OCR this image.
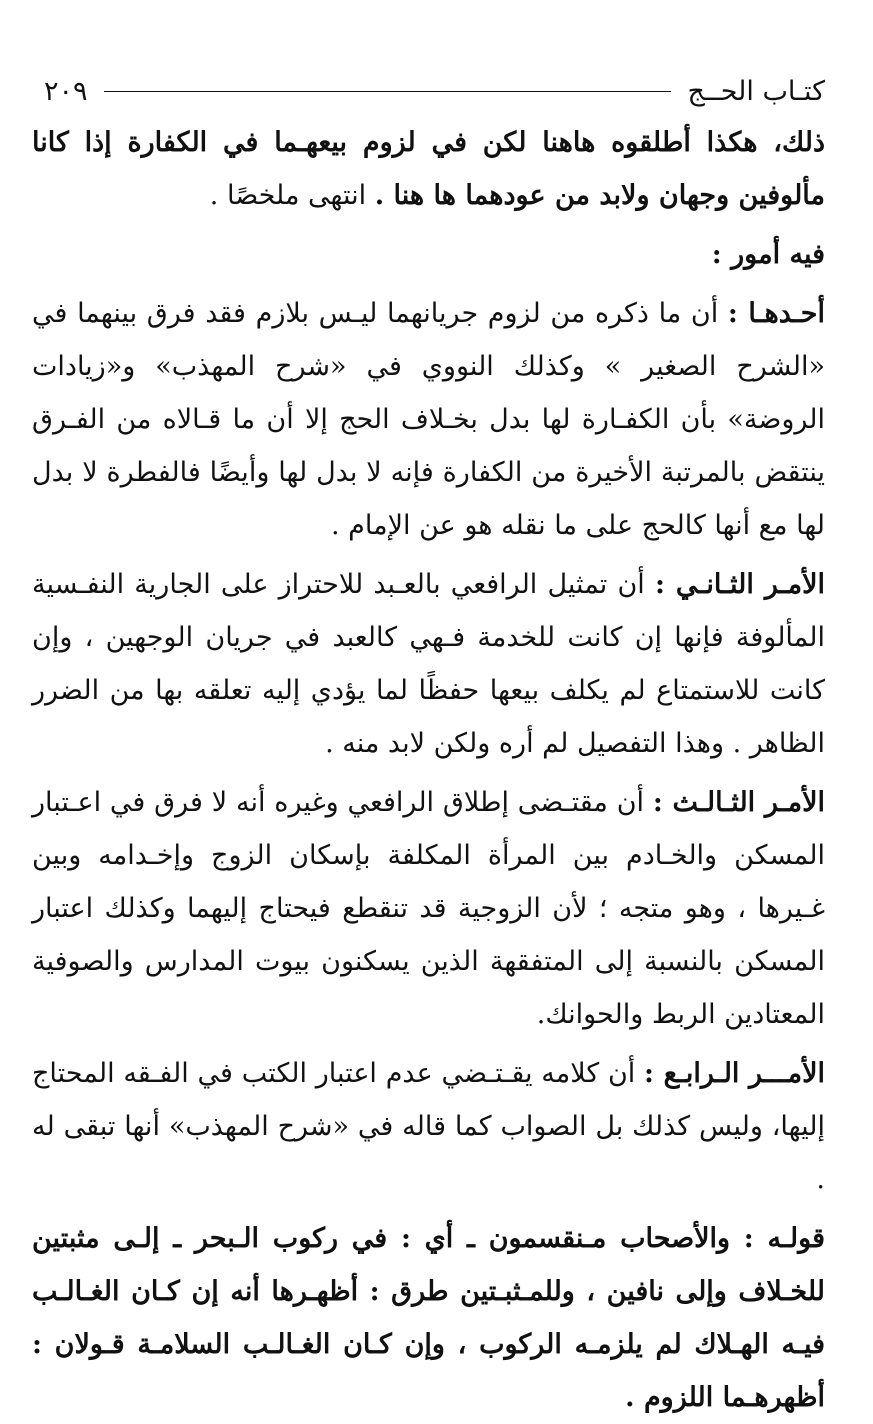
كتـاب الحــج
٢٠٩

ذلك، هكذا أطلقوه هاهنا لكن في لزوم بيعهـما في الكفارة إذا كانا مألوفين وجهان ولابد من عودهما ها هنا . انتهى ملخصًا .

فيه أمور :

أحـدهـا : أن ما ذكره من لزوم جريانهما ليـس بلازم فقد فرق بينهما في «الشرح الصغير » وكذلك النووي في «شرح المهذب» و«زيادات الروضة» بأن الكفـارة لها بدل بخـلاف الحج إلا أن ما قـالاه من الفـرق ينتقض بالمرتبة الأخيرة من الكفارة فإنه لا بدل لها وأيضًا فالفطرة لا بدل لها مع أنها كالحج على ما نقله هو عن الإمام .

الأمـر الثـانـي : أن تمثيل الرافعي بالعـبد للاحتراز على الجارية النفـسية المألوفة فإنها إن كانت للخدمة فـهي كالعبد في جريان الوجهين ، وإن كانت للاستمتاع لم يكلف بيعها حفظًا لما يؤدي إليه تعلقه بها من الضرر الظاهر . وهذا التفصيل لم أره ولكن لابد منه .

الأمـر الثـالـث : أن مقتـضى إطلاق الرافعي وغيره أنه لا فرق في اعـتبار المسكن والخـادم بين المرأة المكلفة بإسكان الزوج وإخـدامه وبين غـيرها ، وهو متجه ؛ لأن الزوجية قد تنقطع فيحتاج إليهما وكذلك اعتبار المسكن بالنسبة إلى المتفقهة الذين يسكنون بيوت المدارس والصوفية المعتادين الربط والحوانك.

الأمـــر الـرابـع : أن كلامه يقـتـضي عدم اعتبار الكتب في الفـقه المحتاج إليها، وليس كذلك بل الصواب كما قاله في «شرح المهذب» أنها تبقى له .

قولـه : والأصحاب مـنقسمون ـ أي : في ركوب الـبحر ـ إلـى مثبتين للخـلاف وإلى نافين ، وللمـثبـتين طرق : أظهـرها أنه إن كـان الغـالـب فيـه الهـلاك لم يلزمـه الركوب ، وإن كـان الغـالـب السلامـة قـولان : أظهرهـما اللزوم .
